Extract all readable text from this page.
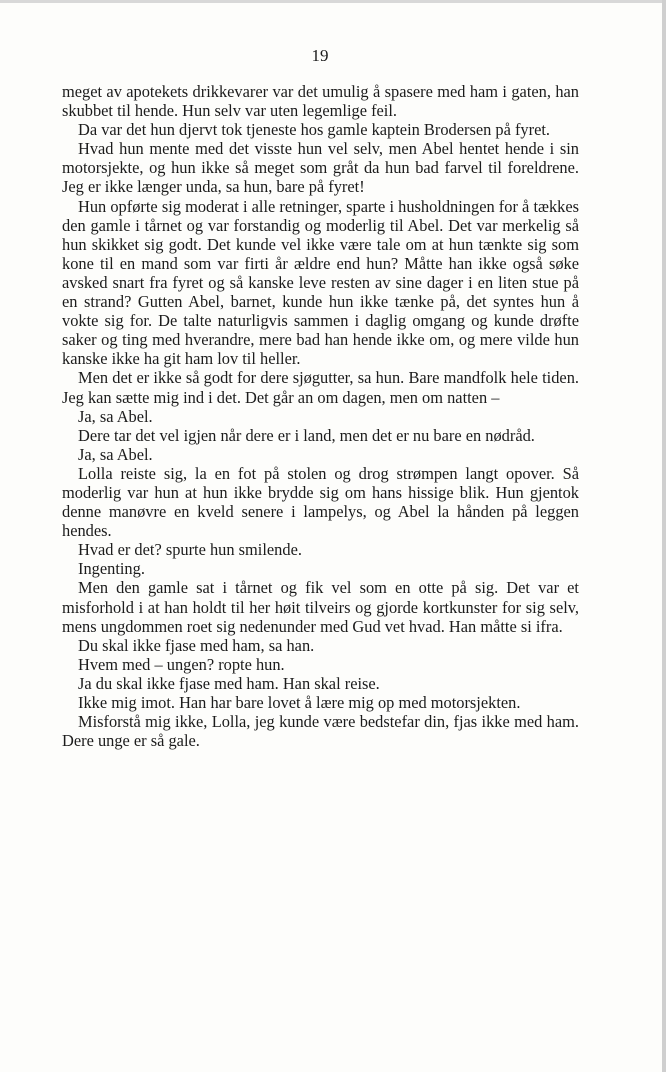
19

meget av apotekets drikkevarer var det umulig å spasere med ham i gaten, han skubbet til hende. Hun selv var uten legemlige feil.

Da var det hun djervt tok tjeneste hos gamle kaptein Brodersen på fyret.

Hvad hun mente med det visste hun vel selv, men Abel hentet hende i sin motorsjekte, og hun ikke så meget som gråt da hun bad farvel til foreldrene. Jeg er ikke længer unda, sa hun, bare på fyret!

Hun opførte sig moderat i alle retninger, sparte i husholdningen for å tækkes den gamle i tårnet og var forstandig og moderlig til Abel. Det var merkelig så hun skikket sig godt. Det kunde vel ikke være tale om at hun tænkte sig som kone til en mand som var firti år ældre end hun? Måtte han ikke også søke avsked snart fra fyret og så kanske leve resten av sine dager i en liten stue på en strand? Gutten Abel, barnet, kunde hun ikke tænke på, det syntes hun å vokte sig for. De talte naturligvis sammen i daglig omgang og kunde drøfte saker og ting med hverandre, mere bad han hende ikke om, og mere vilde hun kanske ikke ha git ham lov til heller.

Men det er ikke så godt for dere sjøgutter, sa hun. Bare mandfolk hele tiden. Jeg kan sætte mig ind i det. Det går an om dagen, men om natten –

Ja, sa Abel.

Dere tar det vel igjen når dere er i land, men det er nu bare en nødråd.

Ja, sa Abel.

Lolla reiste sig, la en fot på stolen og drog strømpen langt opover. Så moderlig var hun at hun ikke brydde sig om hans hissige blik. Hun gjentok denne manøvre en kveld senere i lampelys, og Abel la hånden på leggen hendes.

Hvad er det? spurte hun smilende.

Ingenting.

Men den gamle sat i tårnet og fik vel som en otte på sig. Det var et misforhold i at han holdt til her høit tilveirs og gjorde kortkunster for sig selv, mens ungdommen roet sig nedenunder med Gud vet hvad. Han måtte si ifra.

Du skal ikke fjase med ham, sa han.

Hvem med – ungen? ropte hun.

Ja du skal ikke fjase med ham. Han skal reise.

Ikke mig imot. Han har bare lovet å lære mig op med motorsjekten.

Misforstå mig ikke, Lolla, jeg kunde være bedstefar din, fjas ikke med ham. Dere unge er så gale.
